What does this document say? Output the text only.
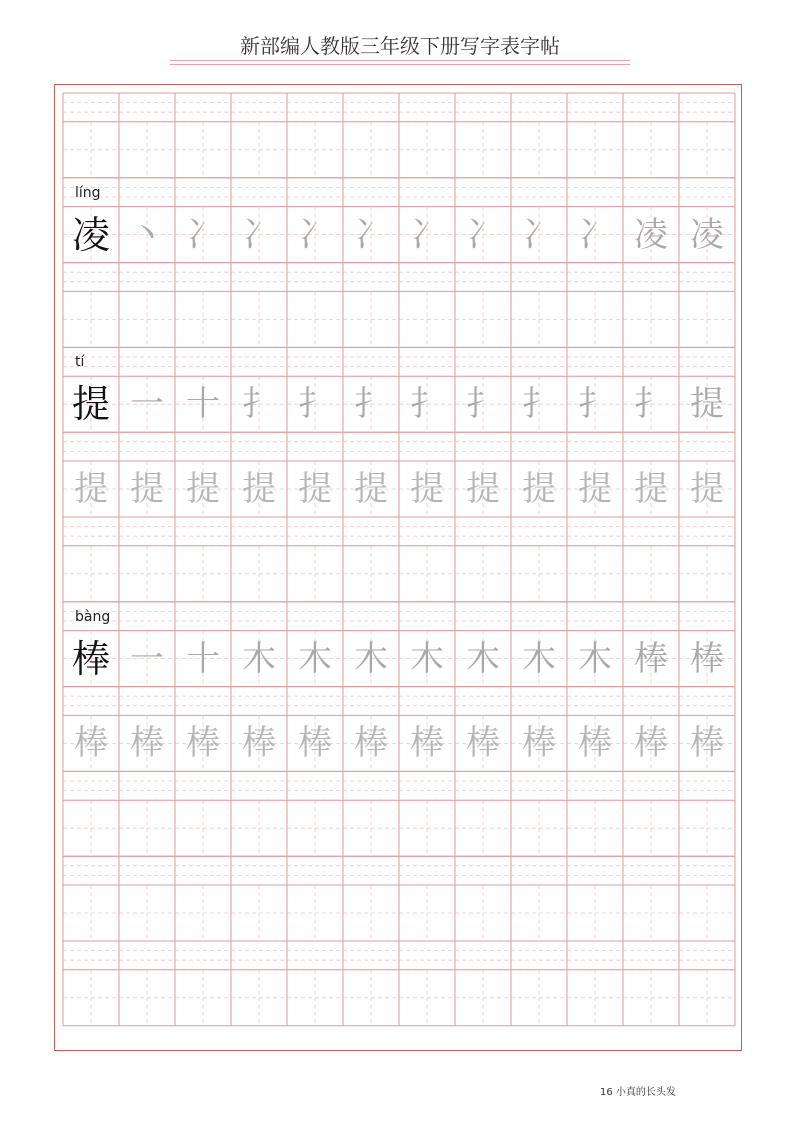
新部编人教版三年级下册写字表字帖
líng
凌 丶 冫 冫 冫 冫 冫 冫 冫 冫 凌 凌
tí
提 一 十 扌 扌 扌 扌 扌 扌 扌 扌 提
提 提 提 提 提 提 提 提 提 提 提 提
bàng
棒 一 十 木 木 木 木 木 木 木 棒 棒
棒 棒 棒 棒 棒 棒 棒 棒 棒 棒 棒 棒
16 小真的长头发
